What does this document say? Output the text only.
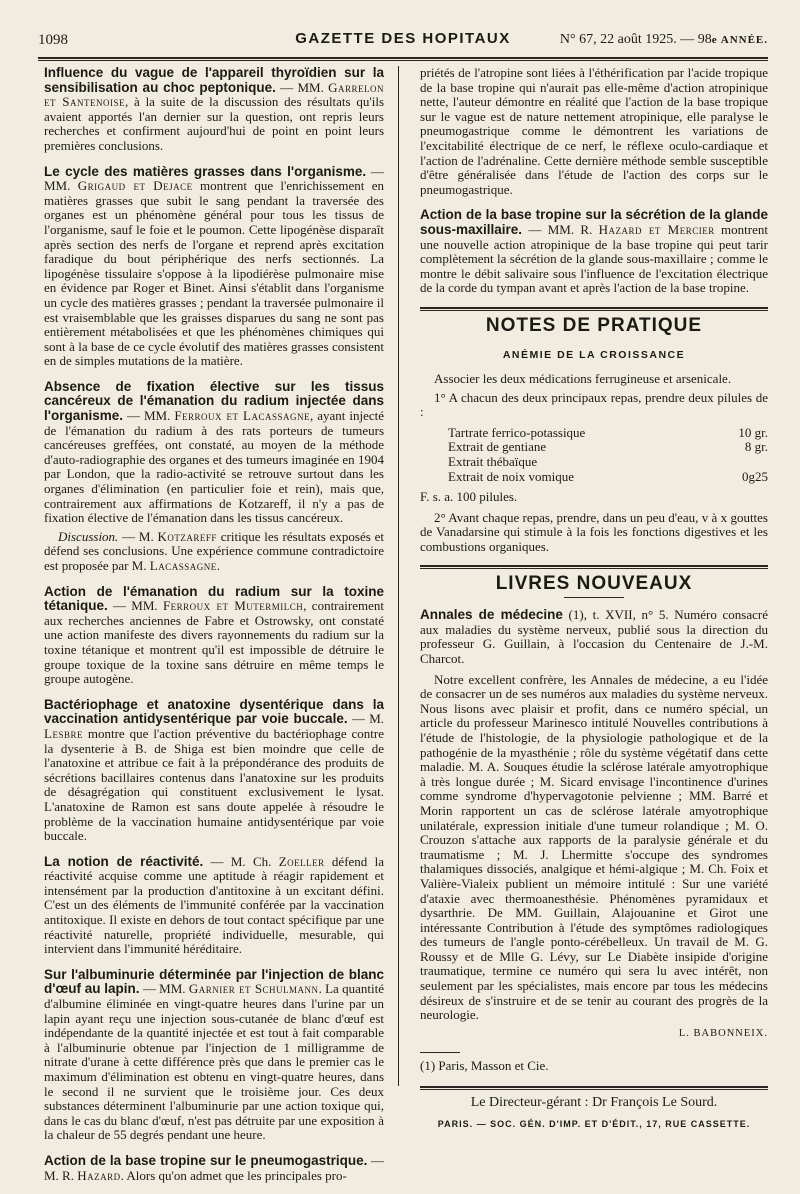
1098	GAZETTE DES HOPITAUX	N° 67, 22 août 1925. — 98e ANNÉE.

Influence du vague de l'appareil thyroïdien sur la sensibilisation au choc peptonique. — MM. Garrelon et Santenoise, à la suite de la discussion des résultats qu'ils avaient apportés l'an dernier sur la question, ont repris leurs recherches et confirment aujourd'hui de point en point leurs premières conclusions.

Le cycle des matières grasses dans l'organisme. — MM. Grigaud et Dejace montrent que l'enrichissement en matières grasses que subit le sang pendant la traversée des organes est un phénomène général pour tous les tissus de l'organisme, sauf le foie et le poumon. Cette lipogénèse disparaît après section des nerfs de l'organe et reprend après excitation faradique du bout périphérique des nerfs sectionnés. La lipogénèse tissulaire s'oppose à la lipodiérèse pulmonaire mise en évidence par Roger et Binet. Ainsi s'établit dans l'organisme un cycle des matières grasses ; pendant la traversée pulmonaire il est vraisemblable que les graisses disparues du sang ne sont pas entièrement métabolisées et que les phénomènes chimiques qui sont à la base de ce cycle évolutif des matières grasses consistent en de simples mutations de la matière.

Absence de fixation élective sur les tissus cancéreux de l'émanation du radium injectée dans l'organisme. — MM. Ferroux et Lacassagne, ayant injecté de l'émanation du radium à des rats porteurs de tumeurs cancéreuses greffées, ont constaté, au moyen de la méthode d'auto-radiographie des organes et des tumeurs imaginée en 1904 par London, que la radio-activité se retrouve surtout dans les organes d'élimination (en particulier foie et rein), mais que, contrairement aux affirmations de Kotzareff, il n'y a pas de fixation élective de l'émanation dans les tissus cancéreux.

Discussion. — M. Kotzareff critique les résultats exposés et défend ses conclusions. Une expérience commune contradictoire est proposée par M. Lacassagne.

Action de l'émanation du radium sur la toxine tétanique. — MM. Ferroux et Mutermilch, contrairement aux recherches anciennes de Fabre et Ostrowsky, ont constaté une action manifeste des divers rayonnements du radium sur la toxine tétanique et montrent qu'il est impossible de détruire le groupe toxique de la toxine sans détruire en même temps le groupe autogène.

Bactériophage et anatoxine dysentérique dans la vaccination antidysentérique par voie buccale. — M. Lesbre montre que l'action préventive du bactériophage contre la dysenterie à B. de Shiga est bien moindre que celle de l'anatoxine et attribue ce fait à la prépondérance des produits de sécrétions bacillaires contenus dans l'anatoxine sur les produits de désagrégation qui constituent exclusivement le lysat. L'anatoxine de Ramon est sans doute appelée à résoudre le problème de la vaccination humaine antidysentérique par voie buccale.

La notion de réactivité. — M. Ch. Zoeller défend la réactivité acquise comme une aptitude à réagir rapidement et intensément par la production d'antitoxine à un excitant défini. C'est un des éléments de l'immunité conférée par la vaccination antitoxique. Il existe en dehors de tout contact spécifique par une réactivité naturelle, propriété individuelle, mesurable, qui intervient dans l'immunité héréditaire.

Sur l'albuminurie déterminée par l'injection de blanc d'œuf au lapin. — MM. Garnier et Schulmann. La quantité d'albumine éliminée en vingt-quatre heures dans l'urine par un lapin ayant reçu une injection sous-cutanée de blanc d'œuf est indépendante de la quantité injectée et est tout à fait comparable à l'albuminurie obtenue par l'injection de 1 milligramme de nitrate d'urane à cette différence près que dans le premier cas le maximum d'élimination est obtenu en vingt-quatre heures, dans le second il ne survient que le troisième jour. Ces deux substances déterminent l'albuminurie par une action toxique qui, dans le cas du blanc d'œuf, n'est pas détruite par une exposition à la chaleur de 55 degrés pendant une heure.

Action de la base tropine sur le pneumogastrique. — M. R. Hazard. Alors qu'on admet que les principales pro-

priétés de l'atropine sont liées à l'éthérification par l'acide tropique de la base tropine qui n'aurait pas elle-même d'action atropinique nette, l'auteur démontre en réalité que l'action de la base tropique sur le vague est de nature nettement atropinique, elle paralyse le pneumogastrique comme le démontrent les variations de l'excitabilité électrique de ce nerf, le réflexe oculo-cardiaque et l'action de l'adrénaline. Cette dernière méthode semble susceptible d'être généralisée dans l'étude de l'action des corps sur le pneumogastrique.

Action de la base tropine sur la sécrétion de la glande sous-maxillaire. — MM. R. Hazard et Mercier montrent une nouvelle action atropinique de la base tropine qui peut tarir complètement la sécrétion de la glande sous-maxillaire ; comme le montre le débit salivaire sous l'influence de l'excitation électrique de la corde du tympan avant et après l'action de la base tropine.

NOTES DE PRATIQUE
ANÉMIE DE LA CROISSANCE

Associer les deux médications ferrugineuse et arsenicale.

1° A chacun des deux principaux repas, prendre deux pilules de :

Tartrate ferrico-potassique	10 gr.
Extrait de gentiane	8 gr.
Extrait thébaïque
Extrait de noix vomique	0g25

F. s. a. 100 pilules.

2° Avant chaque repas, prendre, dans un peu d'eau, v à x gouttes de Vanadarsine qui stimule à la fois les fonctions digestives et les combustions organiques.

LIVRES NOUVEAUX

Annales de médecine (1), t. XVII, n° 5. Numéro consacré aux maladies du système nerveux, publié sous la direction du professeur G. Guillain, à l'occasion du Centenaire de J.-M. Charcot.

Notre excellent confrère, les Annales de médecine, a eu l'idée de consacrer un de ses numéros aux maladies du système nerveux. Nous lisons avec plaisir et profit, dans ce numéro spécial, un article du professeur Marinesco intitulé Nouvelles contributions à l'étude de l'histologie, de la physiologie pathologique et de la pathogénie de la myasthénie ; rôle du système végétatif dans cette maladie. M. A. Souques étudie la sclérose latérale amyotrophique à très longue durée ; M. Sicard envisage l'incontinence d'urines comme syndrome d'hypervagotonie pelvienne ; MM. Barré et Morin rapportent un cas de sclérose latérale amyotrophique unilatérale, expression initiale d'une tumeur rolandique ; M. O. Crouzon s'attache aux rapports de la paralysie générale et du traumatisme ; M. J. Lhermitte s'occupe des syndromes thalamiques dissociés, analgique et hémi-algique ; M. Ch. Foix et Valière-Vialeix publient un mémoire intitulé : Sur une variété d'ataxie avec thermoanesthésie. Phénomènes pyramidaux et dysarthrie. De MM. Guillain, Alajouanine et Girot une intéressante Contribution à l'étude des symptômes radiologiques des tumeurs de l'angle ponto-cérébelleux. Un travail de M. G. Roussy et de Mlle G. Lévy, sur Le Diabète insipide d'origine traumatique, termine ce numéro qui sera lu avec intérêt, non seulement par les spécialistes, mais encore par tous les médecins désireux de s'instruire et de se tenir au courant des progrès de la neurologie.

L. BABONNEIX.

(1) Paris, Masson et Cie.

Le Directeur-gérant : Dr François Le Sourd.
PARIS. — SOC. GÉN. D'IMP. ET D'ÉDIT., 17, RUE CASSETTE.
